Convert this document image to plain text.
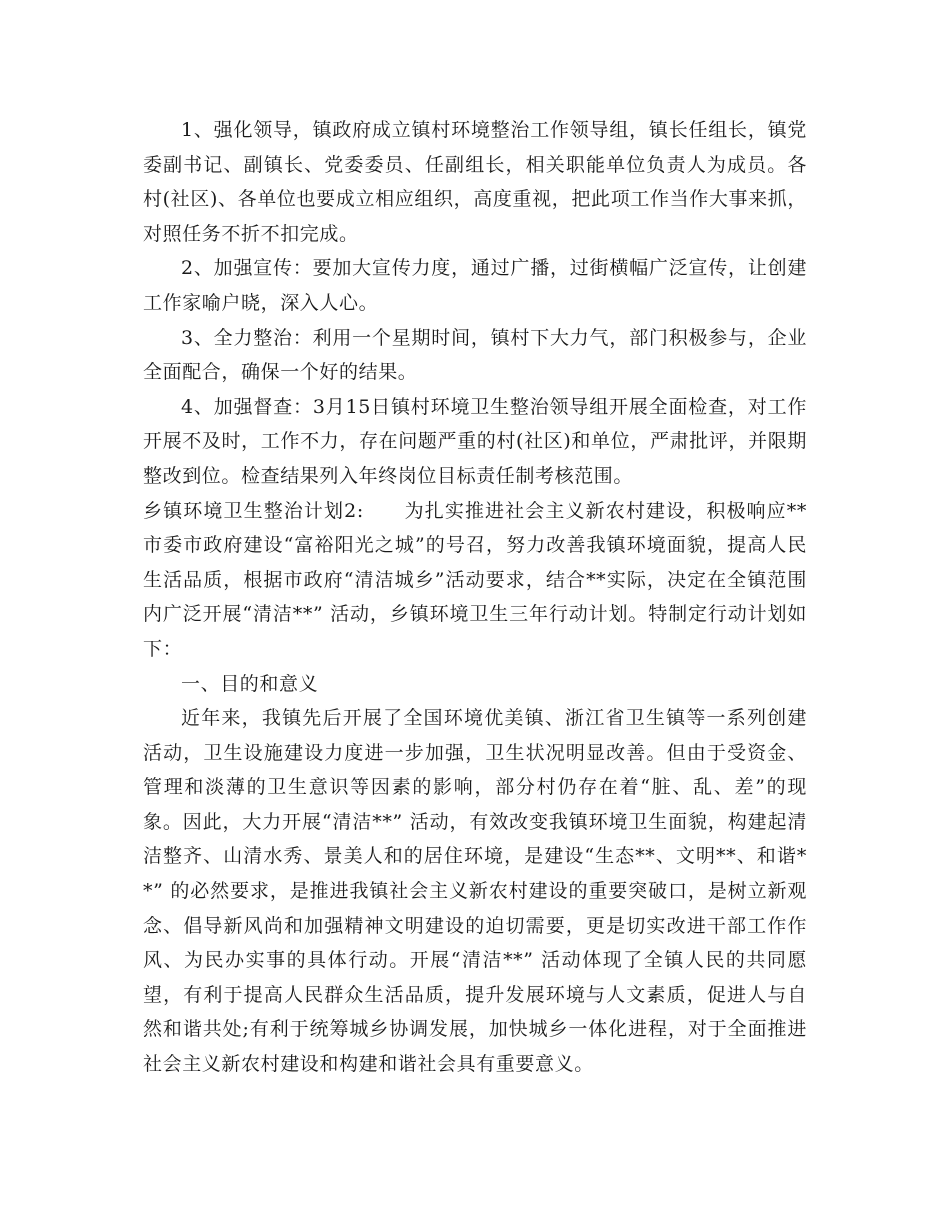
1、强化领导，镇政府成立镇村环境整治工作领导组，镇长任组长，镇党委副书记、副镇长、党委委员、任副组长，相关职能单位负责人为成员。各村(社区)、各单位也要成立相应组织，高度重视，把此项工作当作大事来抓，对照任务不折不扣完成。

2、加强宣传：要加大宣传力度，通过广播，过街横幅广泛宣传，让创建工作家喻户晓，深入人心。

3、全力整治：利用一个星期时间，镇村下大力气，部门积极参与，企业全面配合，确保一个好的结果。

4、加强督查：3月15日镇村环境卫生整治领导组开展全面检查，对工作开展不及时，工作不力，存在问题严重的村(社区)和单位，严肃批评，并限期整改到位。检查结果列入年终岗位目标责任制考核范围。

乡镇环境卫生整治计划2:　　为扎实推进社会主义新农村建设，积极响应**市委市政府建设“富裕阳光之城”的号召，努力改善我镇环境面貌，提高人民生活品质，根据市政府“清洁城乡”活动要求，结合**实际，决定在全镇范围内广泛开展“清洁**” 活动，乡镇环境卫生三年行动计划。特制定行动计划如下：

一、目的和意义

近年来，我镇先后开展了全国环境优美镇、浙江省卫生镇等一系列创建活动，卫生设施建设力度进一步加强，卫生状况明显改善。但由于受资金、管理和淡薄的卫生意识等因素的影响，部分村仍存在着“脏、乱、差”的现象。因此，大力开展“清洁**” 活动，有效改变我镇环境卫生面貌，构建起清洁整齐、山清水秀、景美人和的居住环境，是建设“生态**、文明**、和谐**” 的必然要求，是推进我镇社会主义新农村建设的重要突破口，是树立新观念、倡导新风尚和加强精神文明建设的迫切需要，更是切实改进干部工作作风、为民办实事的具体行动。开展“清洁**” 活动体现了全镇人民的共同愿望，有利于提高人民群众生活品质，提升发展环境与人文素质，促进人与自然和谐共处;有利于统筹城乡协调发展，加快城乡一体化进程，对于全面推进社会主义新农村建设和构建和谐社会具有重要意义。
